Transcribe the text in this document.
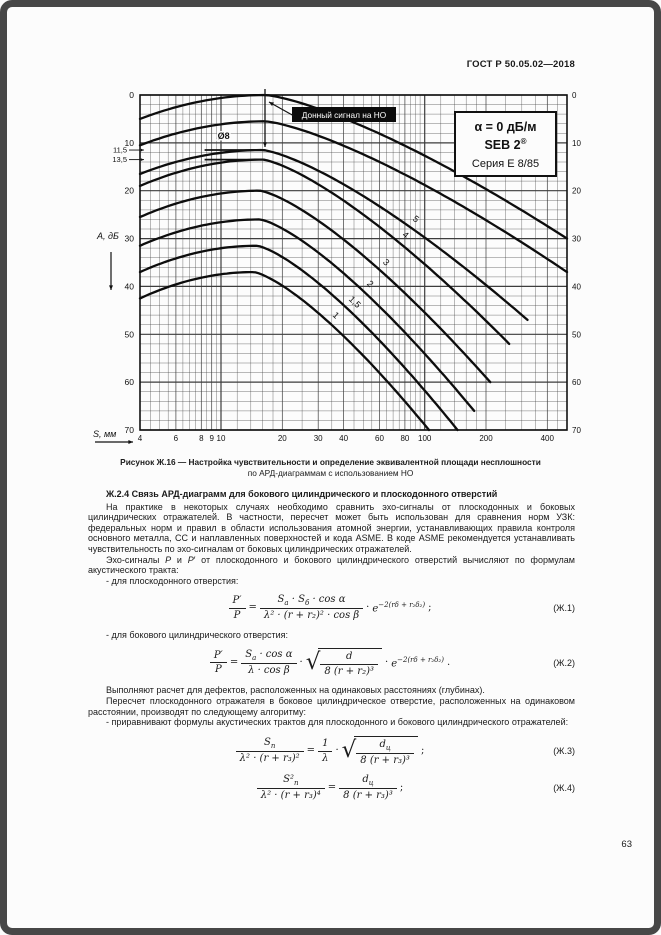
ГОСТ Р 50.05.02—2018
5
4
3
2
1,5
1
Ø8
Донный сигнал на НО
α = 0 дБ/м
SEB 2®
Серия Е 8/85
4	6	8 9 10	20	30 40	60 80 100	200	400
0	0
10	10
20	20
30	30
40	40
50	50
60	60
70	70
11,5
13,5
А, дБ
S, мм
Рисунок Ж.16 — Настройка чувствительности и определение эквивалентной площади несплошности
по АРД-диаграммам с использованием НО
Ж.2.4 Связь АРД-диаграмм для бокового цилиндрического и плоскодонного отверстий

На практике в некоторых случаях необходимо сравнить эхо-сигналы от плоскодонных и боковых цилиндрических отражателей. В частности, пересчет может быть использован для сравнения норм УЗК: федеральных норм и правил в области использования атомной энергии, устанавливающих правила контроля основного металла, СС и наплавленных поверхностей и кода ASME. В коде ASME рекомендуется устанавливать чувствительность по эхо-сигналам от боковых цилиндрических отражателей.

Эхо-сигналы Р и Р′ от плоскодонного и бокового цилиндрического отверстий вычисляют по формулам акустического тракта:

- для плоскодонного отверстия:
$\frac{P'}{P}$ =
$S_а \cdot S_б \cdot \cos \alpha$
λ² · (r + r₂)² · cos β
· $e^{-2(r\delta + r_2\delta_2)}$ ;	(Ж.1)
- для бокового цилиндрического отверстия:
$\frac{P'}{P}$ =
$S_а \cdot \cos \alpha$
λ · cos β
· √ $\frac{d}{\text{8 (r + r₂)³}} \cdot e^{-2(r\delta + r_2\delta_2)}$ .	(Ж.2)

Выполняют расчет для дефектов, расположенных на одинаковых расстояниях (глубинах).

Пересчет плоскодонного отражателя в боковое цилиндрическое отверстие, расположенных на одинаковом расстоянии, производят по следующему алгоритму:

- приравнивают формулы акустических трактов для плоскодонного и бокового цилиндрического отражателей:
$S_п$
λ² · (r + r₃)²
= $\frac{1}{\lambda}$ · √	$d_ц$
8 (r + r₃)³
;	(Ж.3)
$S^2_п$
λ² · (r + r₃)⁴
=
$d_ц$
8 (r + r₃)³
;	(Ж.4)
63
